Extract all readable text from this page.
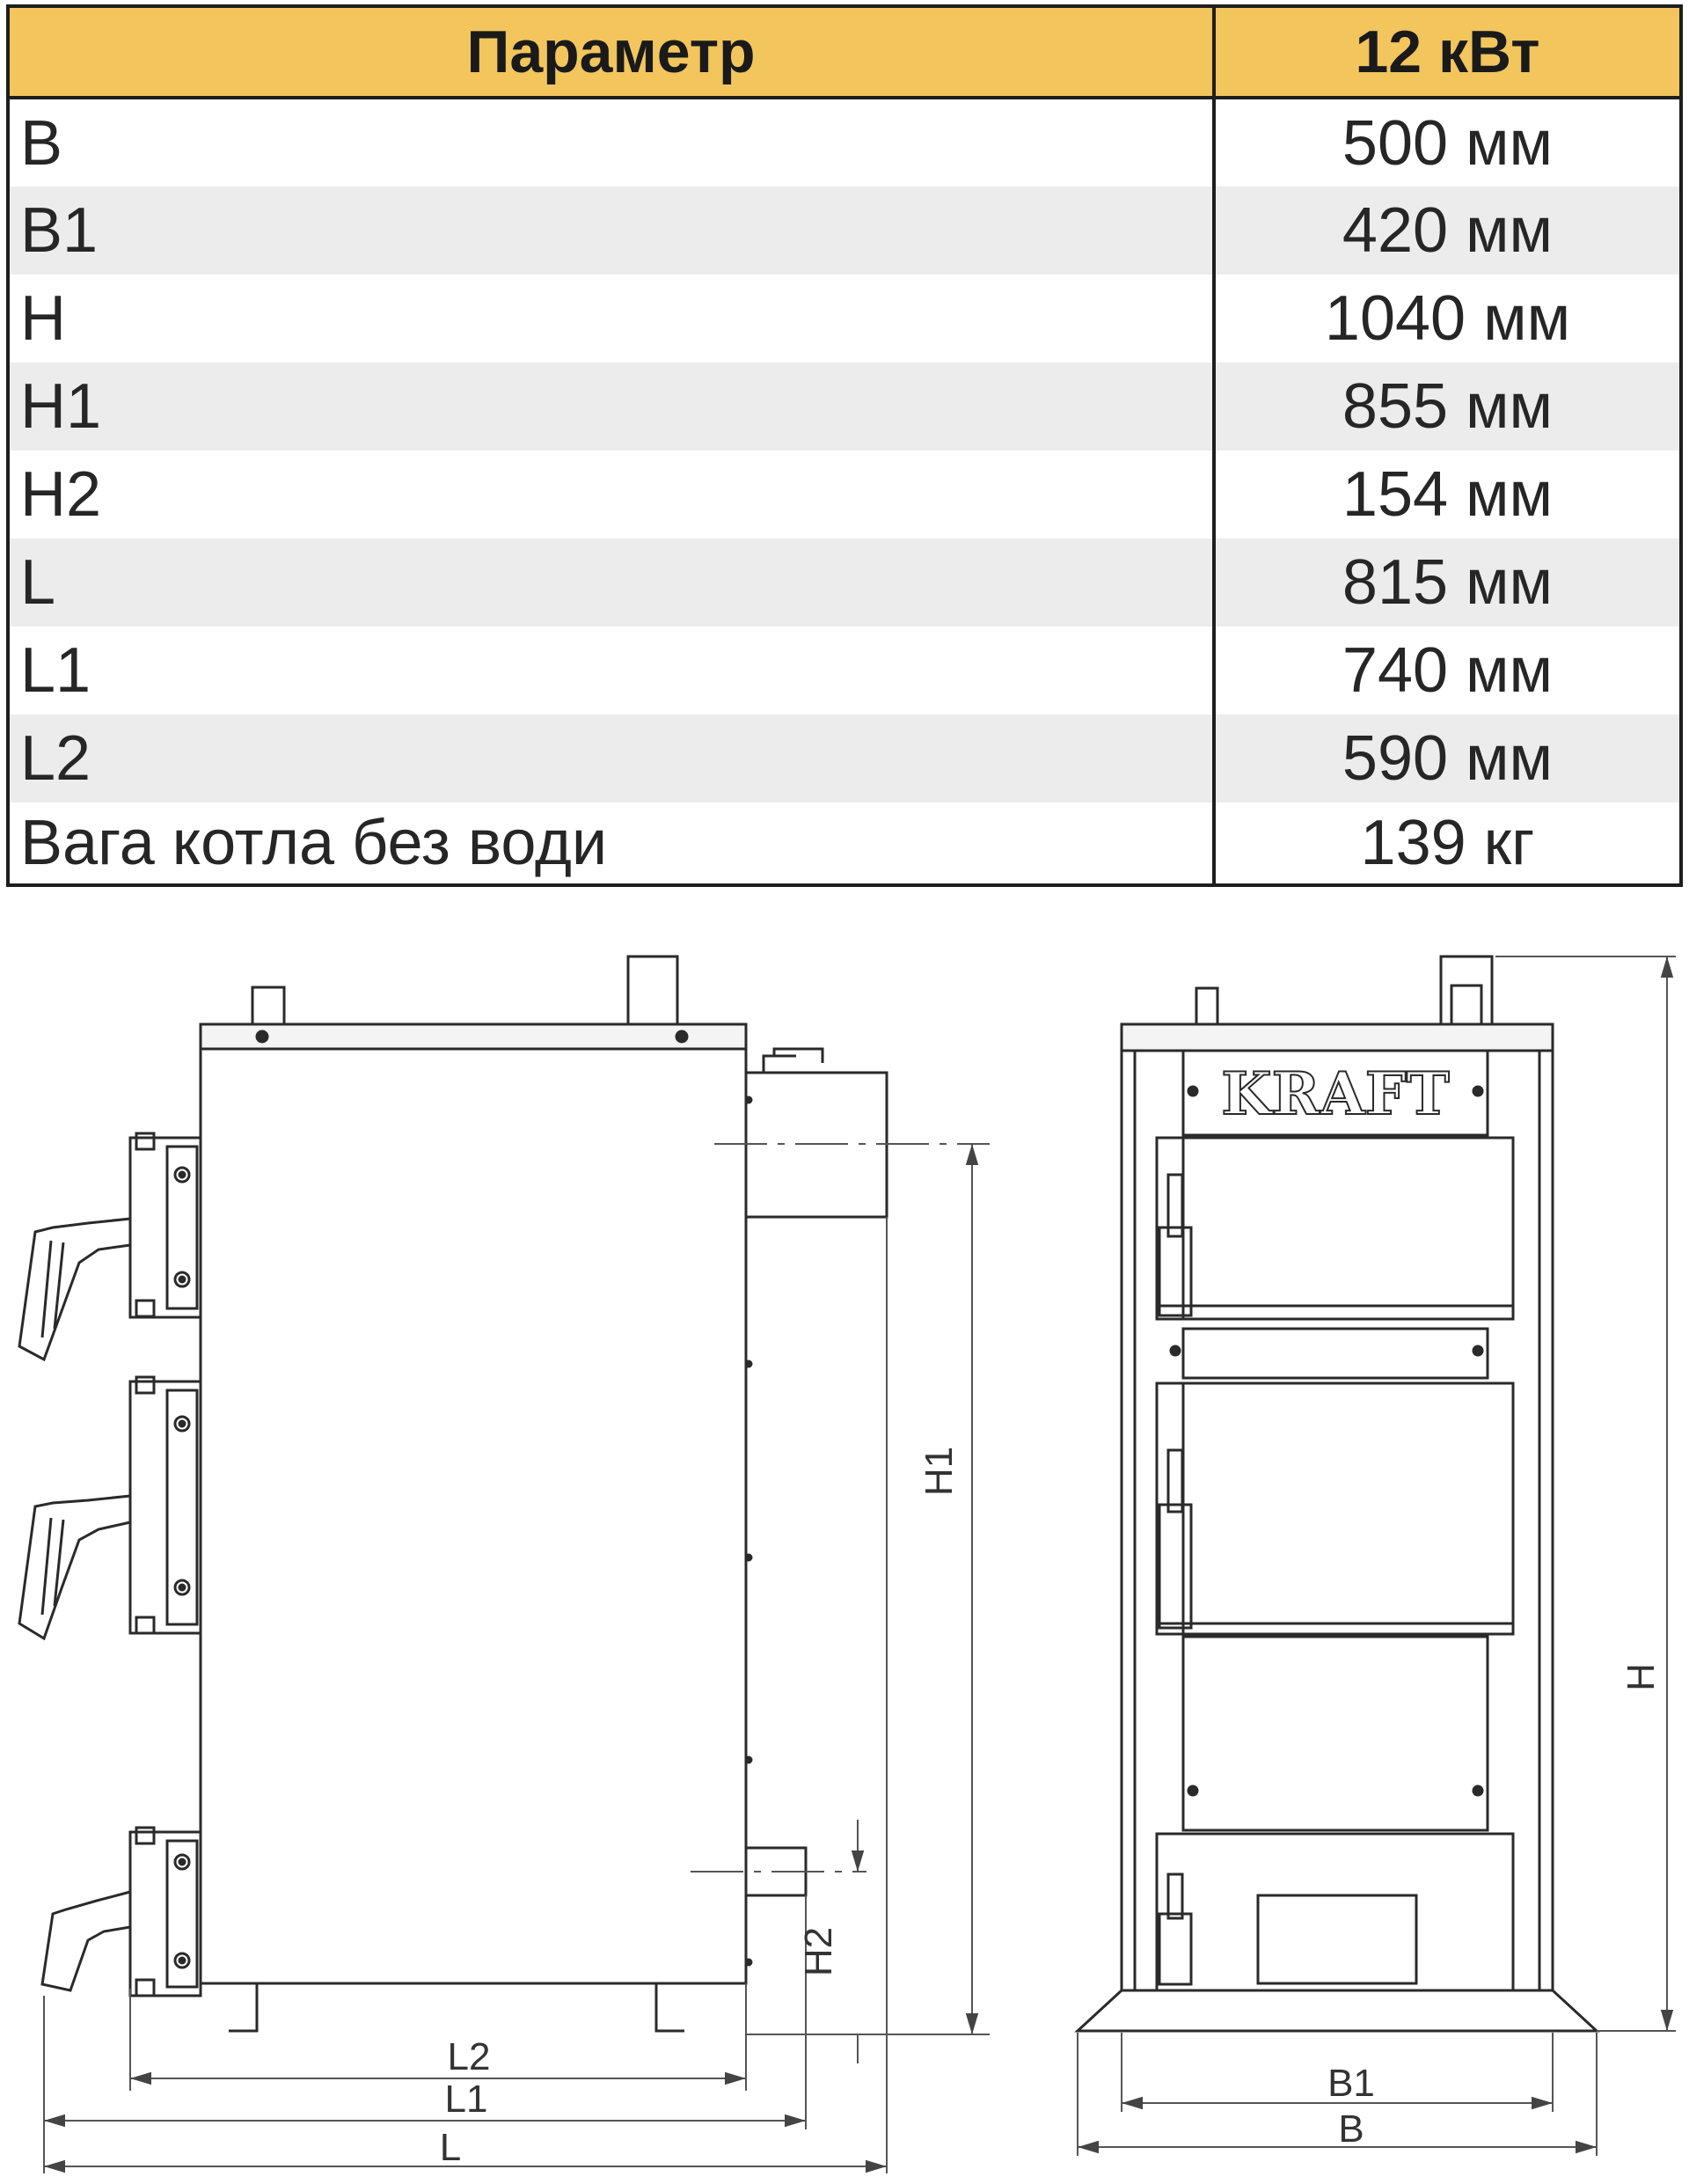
Параметр	12 кВт
B	500 мм
B1	420 мм
H	1040 мм
H1	855 мм
H2	154 мм
L	815 мм
L1	740 мм
L2	590 мм
Вага котла без води	139 кг
H1
H2
L2
L1
L
KRAFT
H
B1
B
